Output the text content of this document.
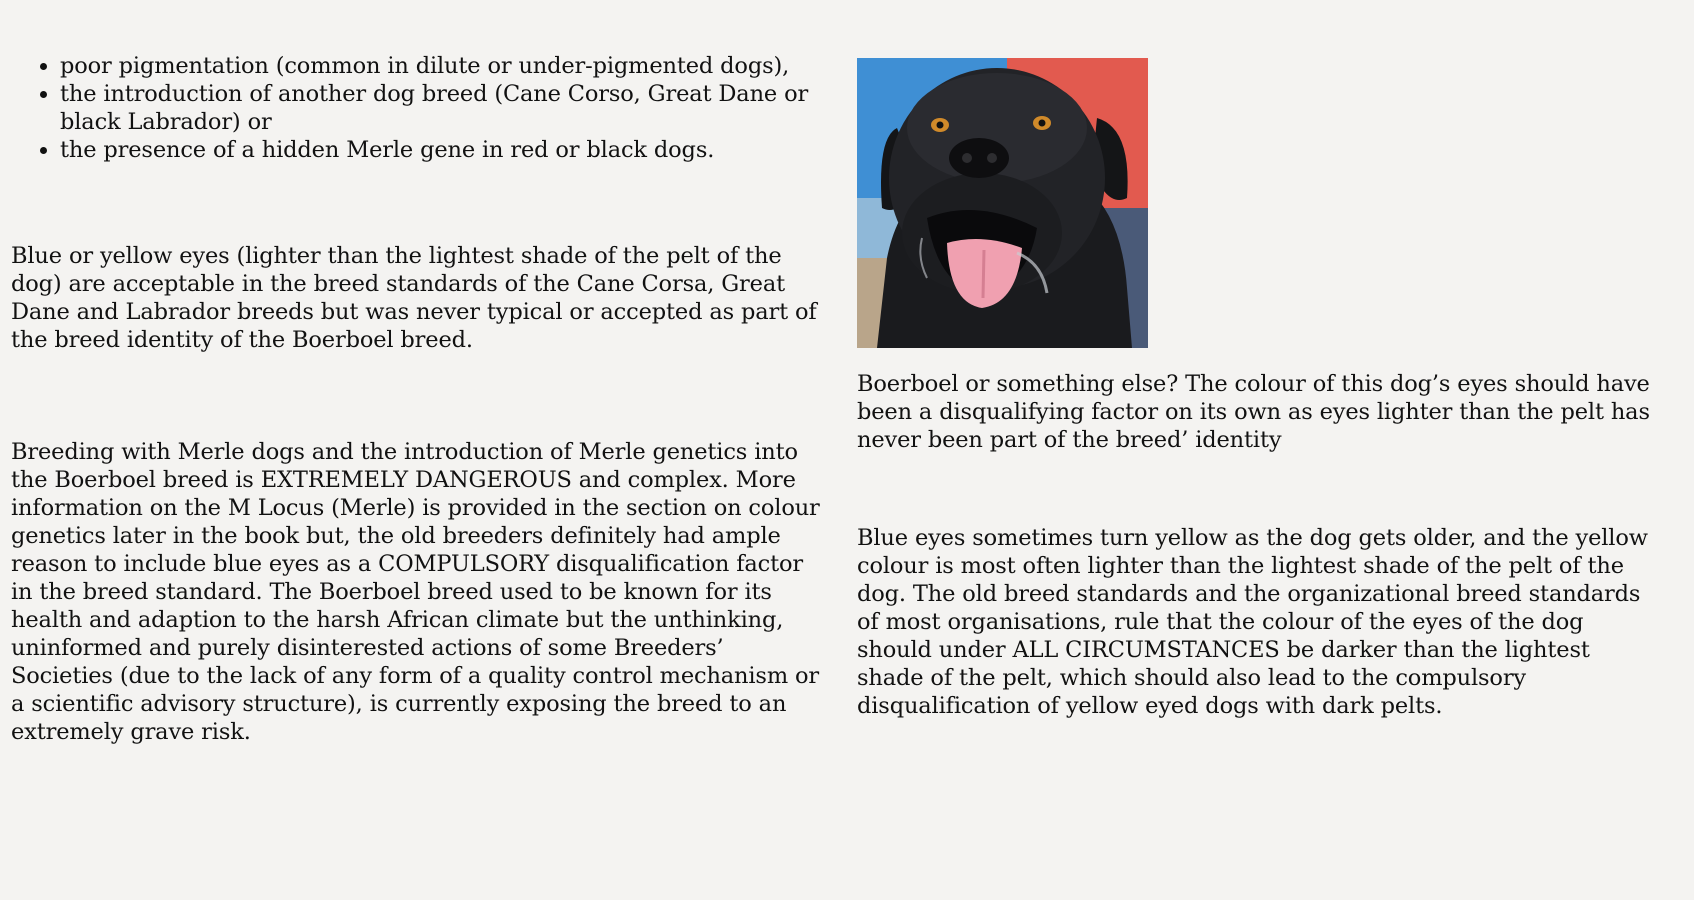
• poor pigmentation (common in dilute or under-pigmented dogs),
• the introduction of another dog breed (Cane Corso, Great Dane or black Labrador) or
• the presence of a hidden Merle gene in red or black dogs.

Blue or yellow eyes (lighter than the lightest shade of the pelt of the dog) are acceptable in the breed standards of the Cane Corsa, Great Dane and Labrador breeds but was never typical or accepted as part of the breed identity of the Boerboel breed.

Breeding with Merle dogs and the introduction of Merle genetics into the Boerboel breed is EXTREMELY DANGEROUS and complex. More information on the M Locus (Merle) is provided in the section on colour genetics later in the book but, the old breeders definitely had ample reason to include blue eyes as a COMPULSORY disqualification factor in the breed standard. The Boerboel breed used to be known for its health and adaption to the harsh African climate but the unthinking, uninformed and purely disinterested actions of some Breeders’ Societies (due to the lack of any form of a quality control mechanism or a scientific advisory structure), is currently exposing the breed to an extremely grave risk.

Boerboel or something else? The colour of this dog’s eyes should have been a disqualifying factor on its own as eyes lighter than the pelt has never been part of the breed’ identity

Blue eyes sometimes turn yellow as the dog gets older, and the yellow colour is most often lighter than the lightest shade of the pelt of the dog. The old breed standards and the organizational breed standards of most organisations, rule that the colour of the eyes of the dog should under ALL CIRCUMSTANCES be darker than the lightest shade of the pelt, which should also lead to the compulsory disqualification of yellow eyed dogs with dark pelts.
